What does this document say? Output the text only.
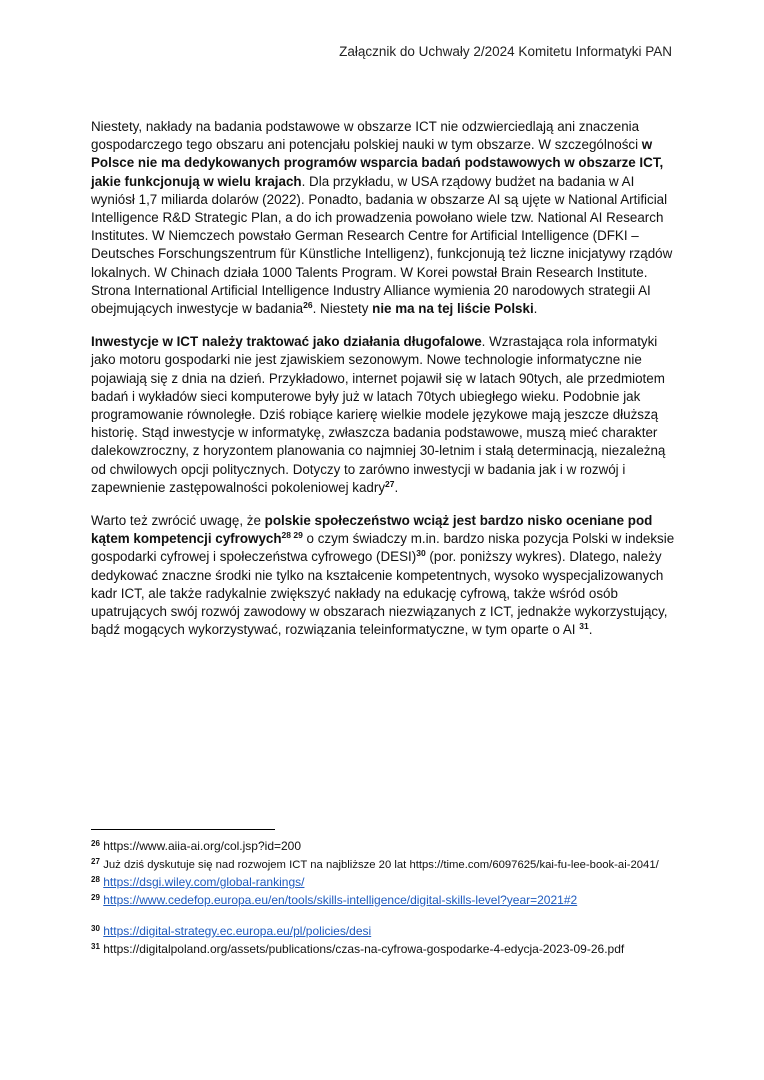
Załącznik do Uchwały 2/2024 Komitetu Informatyki PAN

Niestety, nakłady na badania podstawowe w obszarze ICT nie odzwierciedlają ani znaczenia gospodarczego tego obszaru ani potencjału polskiej nauki w tym obszarze. W szczególności w Polsce nie ma dedykowanych programów wsparcia badań podstawowych w obszarze ICT, jakie funkcjonują w wielu krajach. Dla przykładu, w USA rządowy budżet na badania w AI wyniósł 1,7 miliarda dolarów (2022). Ponadto, badania w obszarze AI są ujęte w National Artificial Intelligence R&D Strategic Plan, a do ich prowadzenia powołano wiele tzw. National AI Research Institutes. W Niemczech powstało German Research Centre for Artificial Intelligence (DFKI – Deutsches Forschungszentrum für Künstliche Intelligenz), funkcjonują też liczne inicjatywy rządów lokalnych. W Chinach działa 1000 Talents Program. W Korei powstał Brain Research Institute. Strona International Artificial Intelligence Industry Alliance wymienia 20 narodowych strategii AI obejmujących inwestycje w badania$^{26}$. Niestety nie ma na tej liście Polski.

Inwestycje w ICT należy traktować jako działania długofalowe. Wzrastająca rola informatyki jako motoru gospodarki nie jest zjawiskiem sezonowym. Nowe technologie informatyczne nie pojawiają się z dnia na dzień. Przykładowo, internet pojawił się w latach 90tych, ale przedmiotem badań i wykładów sieci komputerowe były już w latach 70tych ubiegłego wieku. Podobnie jak programowanie równoległe. Dziś robiące karierę wielkie modele językowe mają jeszcze dłuższą historię. Stąd inwestycje w informatykę, zwłaszcza badania podstawowe, muszą mieć charakter dalekowzroczny, z horyzontem planowania co najmniej 30-letnim i stałą determinacją, niezależną od chwilowych opcji politycznych. Dotyczy to zarówno inwestycji w badania jak i w rozwój i zapewnienie zastępowalności pokoleniowej kadry$^{27}$.

Warto też zwrócić uwagę, że polskie społeczeństwo wciąż jest bardzo nisko oceniane pod kątem kompetencji cyfrowych$^{28 29}$ o czym świadczy m.in. bardzo niska pozycja Polski w indeksie gospodarki cyfrowej i społeczeństwa cyfrowego (DESI)$^{30}$ (por. poniższy wykres). Dlatego, należy dedykować znaczne środki nie tylko na kształcenie kompetentnych, wysoko wyspecjalizowanych kadr ICT, ale także radykalnie zwiększyć nakłady na edukację cyfrową, także wśród osób upatrujących swój rozwój zawodowy w obszarach niezwiązanych z ICT, jednakże wykorzystujący, bądź mogących wykorzystywać, rozwiązania teleinformatyczne, w tym oparte o AI $^{31}$.

$^{26}$ https://www.aiia-ai.org/col.jsp?id=200
$^{27}$ Już dziś dyskutuje się nad rozwojem ICT na najbliższe 20 lat https://time.com/6097625/kai-fu-lee-book-ai-2041/
$^{28}$ https://dsgi.wiley.com/global-rankings/
$^{29}$ https://www.cedefop.europa.eu/en/tools/skills-intelligence/digital-skills-level?year=2021#2
$^{30}$ https://digital-strategy.ec.europa.eu/pl/policies/desi
$^{31}$ https://digitalpoland.org/assets/publications/czas-na-cyfrowa-gospodarke-4-edycja-2023-09-26.pdf
